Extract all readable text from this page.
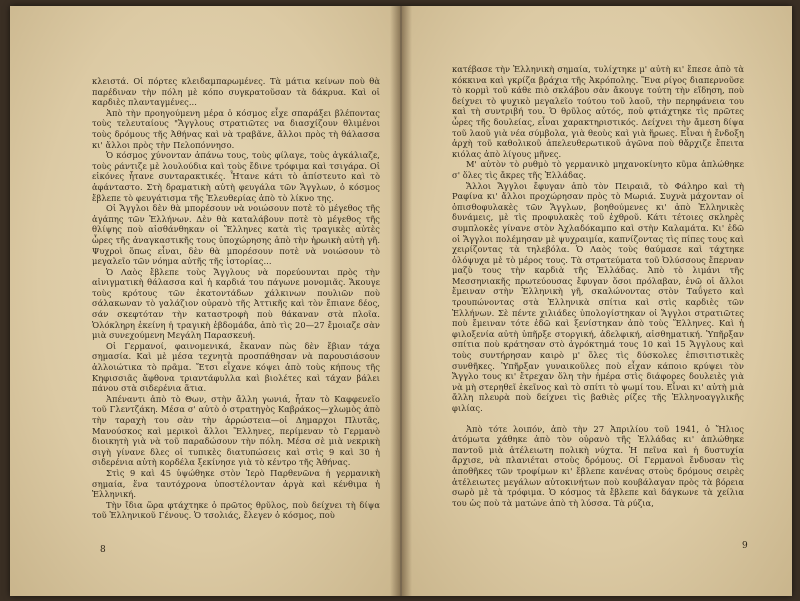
κλειστά. Οἱ πόρτες κλειδαμπαρωμένες. Τὰ μάτια κείνων ποὺ θὰ παρέδιναν τὴν πόλη μὲ κόπο συγκρατοῦσαν τὰ δάκρυα. Καὶ οἱ καρδιὲς πλανταγμένες...

Ἀπὸ τὴν προηγούμενη μέρα ὁ κόσμος εἶχε σπαράξει βλέποντας τοὺς τελευταίους "Ἄγγλους στρατιῶτες να διασχίζουν θλιμένοι τοὺς δρόμους τῆς Ἀθήνας καὶ νὰ τραβᾶνε, ἄλλοι πρὸς τὴ θάλασσα κι' ἄλλοι πρὸς τὴν Πελοπόννησο.

Ὁ κόσμος χύνονταν ἀπάνω τους, τοὺς φίλαγε, τοὺς ἀγκάλιαζε, τοὺς ράντιζε μὲ λουλούδια καὶ τοὺς ἔδινε τρόφιμα καὶ τσιγάρα. Οἱ εἰκόνες ἦτανε συνταρακτικές. Ἦτανε κάτι τὸ ἀπίστευτο καὶ τὸ ἀφάνταστο. Στὴ δραματικὴ αὐτὴ φευγάλα τῶν Ἄγγλων, ὁ κόσμος ἔβλεπε τὸ φευγάτισμα τῆς Ἐλευθερίας ἀπὸ τὸ λίκνο της.

Οἱ Ἄγγλοι δὲν θὰ μπορέσουν νὰ νοιώσουν ποτὲ τὸ μέγεθος τῆς ἀγάπης τῶν Ἑλλήνων. Δὲν θὰ καταλάβουν ποτὲ τὸ μέγεθος τῆς θλίψης ποὺ αἰσθάνθηκαν οἱ Ἕλληνες κατὰ τὶς τραγικὲς αὐτὲς ὧρες τῆς ἀναγκαστικῆς τους ὑποχώρησης ἀπὸ τὴν ἡρωικὴ αὐτὴ γῆ. Ψυχροὶ ὅπως εἶναι, δὲν θὰ μπορέσουν ποτὲ νὰ νοιώσουν τὸ μεγαλεῖο τῶν νόημα αὐτῆς τῆς ἱστορίας...

Ὁ Λαὸς ἔβλεπε τοὺς Ἄγγλους νὰ πορεύουνται πρὸς τὴν αἰνιγματικὴ θάλασσα καὶ ἡ καρδιά του πάγωνε μονομιᾶς. Ἄκουγε τοὺς κρότους τῶν ἑκατοντάδων χάλκινων πουλιῶν ποὺ σάλακωναν τὸ γαλάζιον οὐρανὸ τῆς Ἀττικῆς καὶ τὸν ἔπιανε δέος, σάν σκεφτόταν τὴν καταστροφὴ ποὺ θάκαναν στὰ πλοῖα. Ὁλόκληρη ἐκείνη ἡ τραγικὴ ἑβδομάδα, ἀπὸ τὶς 20—27 ἔμοιαζε σὰν μιὰ συνεχούμενη Μεγάλη Παρασκευή.

Οἱ Γερμανοί, φαινομενικά, ἔκαναν πὼς δὲν ἔβιαν τάχα σημασία. Καὶ μὲ μέσα τεχνητὰ προσπάθησαν νὰ παρουσιάσουν ἀλλοιώτικα τὸ πρᾶμα. Ἔτσι εἶχανε κόψει ἀπὸ τοὺς κήπους τῆς Κηφισσιᾶς ἄφθονα τριαντάφυλλα καὶ βιολέτες καὶ τάχαν βάλει πάνου στὰ σιδερένια ἅτια.

Ἀπέναντι ἀπὸ τὸ Θων, στὴν ἄλλη γωνιά, ἦταν τὸ Καφφενεῖο τοῦ Γλεντζάκη. Μέσα σ' αὐτὸ ὁ στρατηγὸς Καβράκος—χλωμὸς ἀπὸ τὴν ταραχὴ του σὰν τὴν ἀρρώστεια—οἱ Δημαρχοι Πλυτᾶς, Μανούσκος καὶ μερικοὶ ἄλλοι Ἕλληνες, περίμεναν τὸ Γερμανὸ διοικητὴ γιὰ νὰ τοῦ παραδώσουν τὴν πόλη. Μέσα σὲ μιὰ νεκρικὴ σιγὴ γίνανε δλες οἱ τυπικὲς διατυπώσεις καὶ στὶς 9 καὶ 30 ἡ σιδερένια αὐτὴ κορδέλα ξεκίνησε γιὰ τὸ κέντρο τῆς Ἀθήνας.

Στὶς 9 καὶ 45 ὑψώθηκε στὸν Ἱερὸ Παρθενῶνα ἡ γερμανικὴ σημαία, ἕνα ταυτόχρονα ὑποστέλονταν ἀργὰ καὶ κένθιμα ἡ Ἑλληνική.

Τὴν ἴδια ὥρα φτάχτηκε ὁ πρῶτος θρῦλος, ποὺ δείχνει τὴ δίψα τοῦ Ἑλληνικοῦ Γένους. Ὁ τσολιάς, ἔλεγεν ὁ κόσμος, ποὺ

8

κατέβασε τὴν Ἑλληνικὴ σημαία, τυλίχτηκε μ' αὐτὴ κι' ἔπεσε ἀπὸ τὰ κόκκινα καὶ γκρίζα βράχια τῆς Ἀκρόπολης. Ἕνα ρίγος διαπερνοῦσε τὸ κορμὶ τοῦ κάθε πιὸ σκλάβου σὰν ἄκουγε τούτη τὴν εἴδηση, ποὺ δείχνει τὸ ψυχικὸ μεγαλεῖο τούτου τοῦ λαοῦ, τὴν περηφάνεια του καὶ τὴ συντριβή του. Ὁ θρῦλος αὐτός, ποὺ φτιάχτηκε τὶς πρῶτες ὧρες τῆς δουλείας, εἶναι χαρακτηριστικός. Δείχνει τὴν ἄμεση δίψα τοῦ λαοῦ γιὰ νέα σύμβολα, γιὰ θεοὺς καὶ γιὰ ἥρωες. Εἶναι ἡ ἔνδοξη ἀρχὴ τοῦ καθολικοῦ ἀπελευθερωτικοῦ ἀγῶνα ποὺ θἄρχιζε ἔπειτα κιόλας ἀπὸ λίγους μῆνες.

Μ' αὐτὸν τὸ ρυθμὸ τὸ γερμανικὸ μηχανοκίνητο κῦμα ἁπλώθηκε σ' ὅλες τὶς ἄκρες τῆς Ἑλλάδας.

Ἄλλοι Ἄγγλοι ἔφυγαν ἀπὸ τὸν Πειραιᾶ, τὸ Φάληρο καὶ τὴ Ραφίνα κι' ἄλλοι προχώρησαν πρὸς τὸ Μωριά. Συχνὰ μάχονταν οἱ ὀπισθοφυλακὲς τῶν Ἄγγλων, βοηθούμενες κι' ἀπὸ Ἑλληνικὲς δυνάμεις, μὲ τὶς προφυλακὲς τοῦ ἐχθροῦ. Κάτι τέτοιες σκληρὲς συμπλοκὲς γίνανε στὸν Ἀχλαδόκαμπο καὶ στὴν Καλαμάτα. Κι' ἐδῶ οἱ Ἄγγλοι πολέμησαν μὲ ψυχραιμία, καπνίζοντας τὶς πίπες τους καὶ χειρίζοντας τὰ τηλεβόλα. Ὁ Λαὸς τοὺς θαύμασε καὶ τάχτηκε ὁλόψυχα μὲ τὸ μέρος τους. Τὰ στρατεύματα τοῦ Ὀλύσσους ἔπερναν μαζὺ τους τὴν καρδιὰ τῆς Ἑλλάδας. Ἀπὸ τὸ λιμάνι τῆς Μεσσηνιακῆς πρωτεύουσας ἔφυγαν ὅσοι πρόλαβαν, ἐνῶ οἱ ἄλλοι ἔμειναν στὴν Ἑλληνικὴ γῆ, σκαλώνοντας στὸν Ταΰγετο καὶ τρουπώνοντας στὰ Ἑλληνικὰ σπίτια καὶ στὶς καρδιὲς τῶν Ἑλλήνων. Σὲ πέντε χιλιάδες ὑπολογίστηκαν οἱ Ἄγγλοι στρατιῶτες ποὺ ἔμειναν τότε ἐδῶ καὶ ξενίστηκαν ἀπὸ τοὺς Ἕλληνες. Καὶ ἡ φιλοξενία αὐτὴ ὑπῆρξε στοργική, ἀδελφική, αἰσθηματική. Ὑπῆρξαν σπίτια ποὺ κράτησαν στὸ ἀγρόκτημά τους 10 καὶ 15 Ἄγγλους καὶ τοὺς συντήρησαν καιρὸ μ' ὅλες τὶς δύσκολες ἐπισιτιστικὲς συνθῆκες. Ὑπῆρξαν γυναικοῦλες ποὺ εἶχαν κάποιο κρύψει τὸν Ἄγγλο τους κι' ἔτρεχαν ὅλη τὴν ἡμέρα στὶς διάφορες δουλειὲς γιὰ νὰ μὴ στερηθεῖ ἐκεῖνος καὶ τὸ σπίτι τὸ ψωμί του. Εἶναι κι' αὐτὴ μιὰ ἄλλη πλευρὰ ποὺ δείχνει τὶς βαθιὲς ρίζες τῆς Ἑλληνοαγγλικῆς φιλίας.

Ἀπὸ τότε λοιπόν, ἀπὸ τὴν 27 Ἀπριλίου τοῦ 1941, ὁ Ἥλιος ἀτόμωτα χάθηκε ἀπὸ τὸν οὐρανὸ τῆς Ἑλλάδας κι' ἁπλώθηκε παντοῦ μιὰ ἀτέλειωτη πολικὴ νύχτα. Ἡ πεῖνα καὶ ἡ δυστυχία ἄρχισε, νὰ πλανιέται στοὺς δρόμους. Οἱ Γερμανοὶ ἔνδυσαν τὶς ἀποθῆκες τῶν τροφίμων κι' ἔβλεπε κανένας στοὺς δρόμους σειρὲς ἀτέλειωτες μεγάλων αὐτοκινήτων ποὺ κουβάλαγαν πρὸς τὰ βόρεια σωρὸ μὲ τὰ τρόφιμα. Ὁ κόσμος τὰ ἔβλεπε καὶ δάγκωνε τὰ χείλια του ὡς ποὺ τὰ ματώνε ἀπὸ τὴ λύσσα. Τὰ ρύζια,

9
